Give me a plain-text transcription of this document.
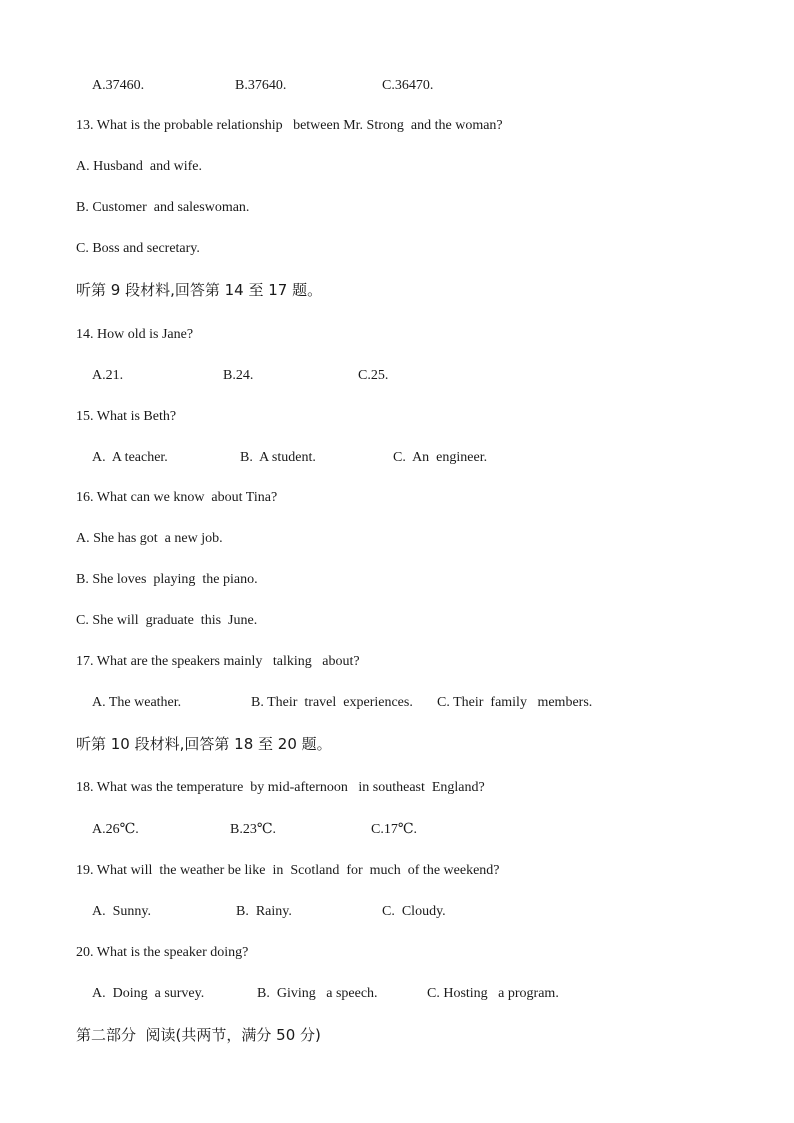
A.37460.	B.37640.	C.36470.
13. What is the probable relationship   between Mr. Strong  and the woman?
A. Husband  and wife.
B. Customer  and saleswoman.
C. Boss and secretary.
听第 9 段材料,回答第 14 至 17 题。
14. How old is Jane?
A.21.	B.24.	C.25.
15. What is Beth?
A.  A teacher.	B.  A student.	C.  An  engineer.
16. What can we know  about Tina?
A. She has got  a new job.
B. She loves  playing  the piano.
C. She will  graduate  this  June.
17. What are the speakers mainly   talking   about?
A. The weather.	B. Their  travel  experiences. C. Their  family   members.
听第 10 段材料,回答第 18 至 20 题。
18. What was the temperature  by mid-afternoon   in southeast  England?
A.26℃.	B.23℃.	C.17℃.
19. What will  the weather be like  in  Scotland  for  much  of the weekend?
A.  Sunny.	B.  Rainy.	C.  Cloudy.
20. What is the speaker doing?
A.  Doing  a survey.	B.  Giving   a speech.	C. Hosting   a program.
第二部分  阅读(共两节，满分 50 分)
